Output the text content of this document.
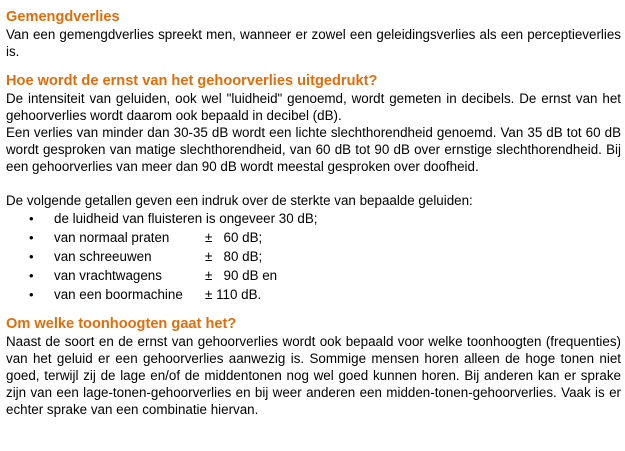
Gemengdverlies

Van een gemengdverlies spreekt men, wanneer er zowel een geleidingsverlies als een perceptieverlies is.

Hoe wordt de ernst van het gehoorverlies uitgedrukt?

De intensiteit van geluiden, ook wel "luidheid" genoemd, wordt gemeten in decibels. De ernst van het gehoorverlies wordt daarom ook bepaald in decibel (dB).

Een verlies van minder dan 30-35 dB wordt een lichte slechthorendheid genoemd. Van 35 dB tot 60 dB wordt gesproken van matige slechthorendheid, van 60 dB tot 90 dB over ernstige slechthorendheid. Bij een gehoorverlies van meer dan 90 dB wordt meestal gesproken over doofheid.

De volgende getallen geven een indruk over de sterkte van bepaalde geluiden:

• de luidheid van fluisteren is ongeveer 30 dB;
• van normaal praten	±   60 dB;
• van schreeuwen	±   80 dB;
• van vrachtwagens	±   90 dB en
• van een boormachine ± 110 dB.
Om welke toonhoogten gaat het?

Naast de soort en de ernst van gehoorverlies wordt ook bepaald voor welke toonhoogten (frequenties) van het geluid er een gehoorverlies aanwezig is. Sommige mensen horen alleen de hoge tonen niet goed, terwijl zij de lage en/of de middentonen nog wel goed kunnen horen. Bij anderen kan er sprake zijn van een lage-tonen-gehoorverlies en bij weer anderen een midden-tonen-gehoorverlies. Vaak is er echter sprake van een combinatie hiervan.
